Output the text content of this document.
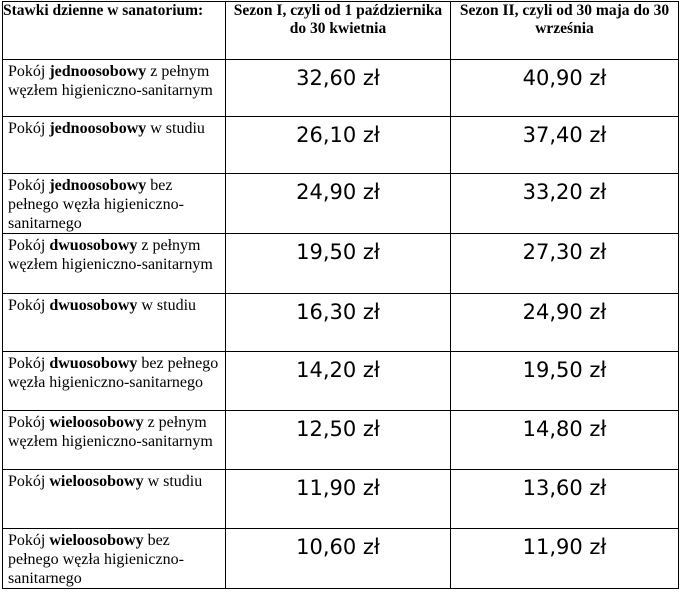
Stawki dzienne w sanatorium:	Sezon I, czyli od 1 października do 30 kwietnia	Sezon II, czyli od 30 maja do 30 września
Pokój jednoosobowy z pełnym węzłem higieniczno-sanitarnym	32,60 zł	40,90 zł
Pokój jednoosobowy w studiu	26,10 zł	37,40 zł
Pokój jednoosobowy bez pełnego węzła higieniczno-sanitarnego	24,90 zł	33,20 zł
Pokój dwuosobowy z pełnym węzłem higieniczno-sanitarnym	19,50 zł	27,30 zł
Pokój dwuosobowy w studiu	16,30 zł	24,90 zł
Pokój dwuosobowy bez pełnego węzła higieniczno-sanitarnego	14,20 zł	19,50 zł
Pokój wieloosobowy z pełnym węzłem higieniczno-sanitarnym	12,50 zł	14,80 zł
Pokój wieloosobowy w studiu	11,90 zł	13,60 zł
Pokój wieloosobowy bez pełnego węzła higieniczno-sanitarnego	10,60 zł	11,90 zł
